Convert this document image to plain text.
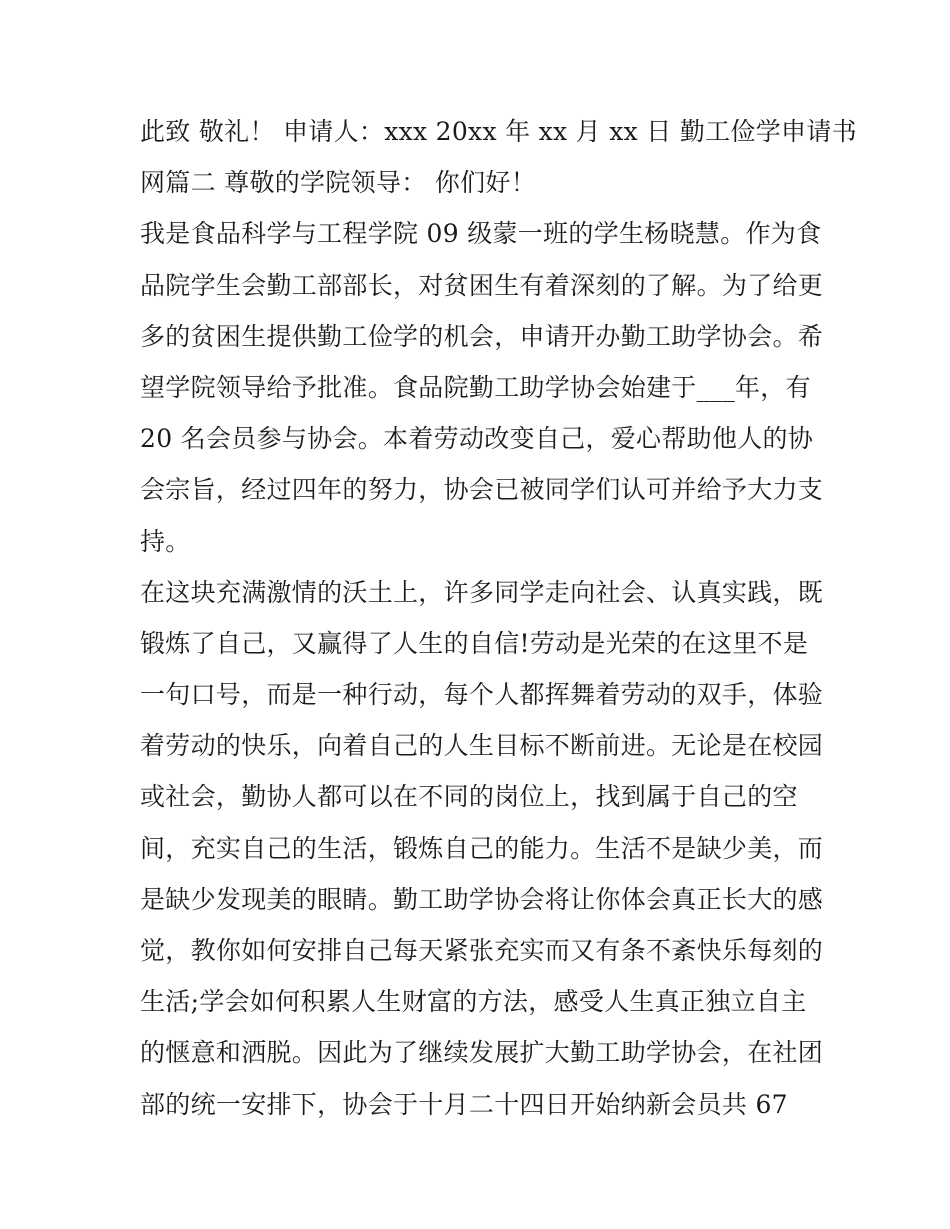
此致 敬礼！ 申请人：xxx 20xx 年 xx 月 xx 日 勤工俭学申请书
网篇二 尊敬的学院领导： 你们好！
我是食品科学与工程学院 09 级蒙一班的学生杨晓慧。作为食
品院学生会勤工部部长，对贫困生有着深刻的了解。为了给更
多的贫困生提供勤工俭学的机会，申请开办勤工助学协会。希
望学院领导给予批准。食品院勤工助学协会始建于___年，有
20 名会员参与协会。本着劳动改变自己，爱心帮助他人的协
会宗旨，经过四年的努力，协会已被同学们认可并给予大力支
持。
在这块充满激情的沃土上，许多同学走向社会、认真实践，既
锻炼了自己，又赢得了人生的自信!劳动是光荣的在这里不是
一句口号，而是一种行动，每个人都挥舞着劳动的双手，体验
着劳动的快乐，向着自己的人生目标不断前进。无论是在校园
或社会，勤协人都可以在不同的岗位上，找到属于自己的空
间，充实自己的生活，锻炼自己的能力。生活不是缺少美，而
是缺少发现美的眼睛。勤工助学协会将让你体会真正长大的感
觉，教你如何安排自己每天紧张充实而又有条不紊快乐每刻的
生活;学会如何积累人生财富的方法，感受人生真正独立自主
的惬意和洒脱。因此为了继续发展扩大勤工助学协会，在社团
部的统一安排下，协会于十月二十四日开始纳新会员共 67
